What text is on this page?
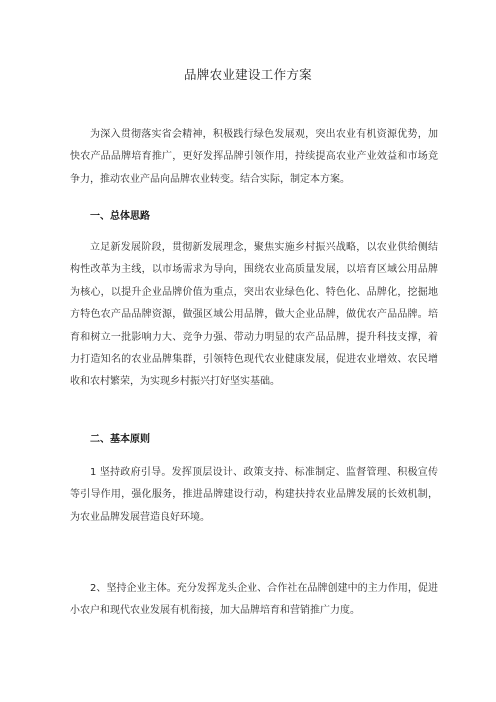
品牌农业建设工作方案

为深入贯彻落实省会精神，积极践行绿色发展观，突出农业有机资源优势，加快农产品品牌培育推广，更好发挥品牌引领作用，持续提高农业产业效益和市场竞争力，推动农业产品向品牌农业转变。结合实际，制定本方案。

一、总体思路

立足新发展阶段，贯彻新发展理念，聚焦实施乡村振兴战略，以农业供给侧结构性改革为主线，以市场需求为导向，围绕农业高质量发展，以培育区域公用品牌为核心，以提升企业品牌价值为重点，突出农业绿色化、特色化、品牌化，挖掘地方特色农产品品牌资源，做强区域公用品牌，做大企业品牌，做优农产品品牌。培育和树立一批影响力大、竞争力强、带动力明显的农产品品牌，提升科技支撑，着力打造知名的农业品牌集群，引领特色现代农业健康发展，促进农业增效、农民增收和农村繁荣，为实现乡村振兴打好坚实基础。

二、基本原则

1 坚持政府引导。发挥顶层设计、政策支持、标准制定、监督管理、积极宣传等引导作用，强化服务，推进品牌建设行动，构建扶持农业品牌发展的长效机制，为农业品牌发展营造良好环境。

2、坚持企业主体。充分发挥龙头企业、合作社在品牌创建中的主力作用，促进小农户和现代农业发展有机衔接，加大品牌培育和营销推广力度。
